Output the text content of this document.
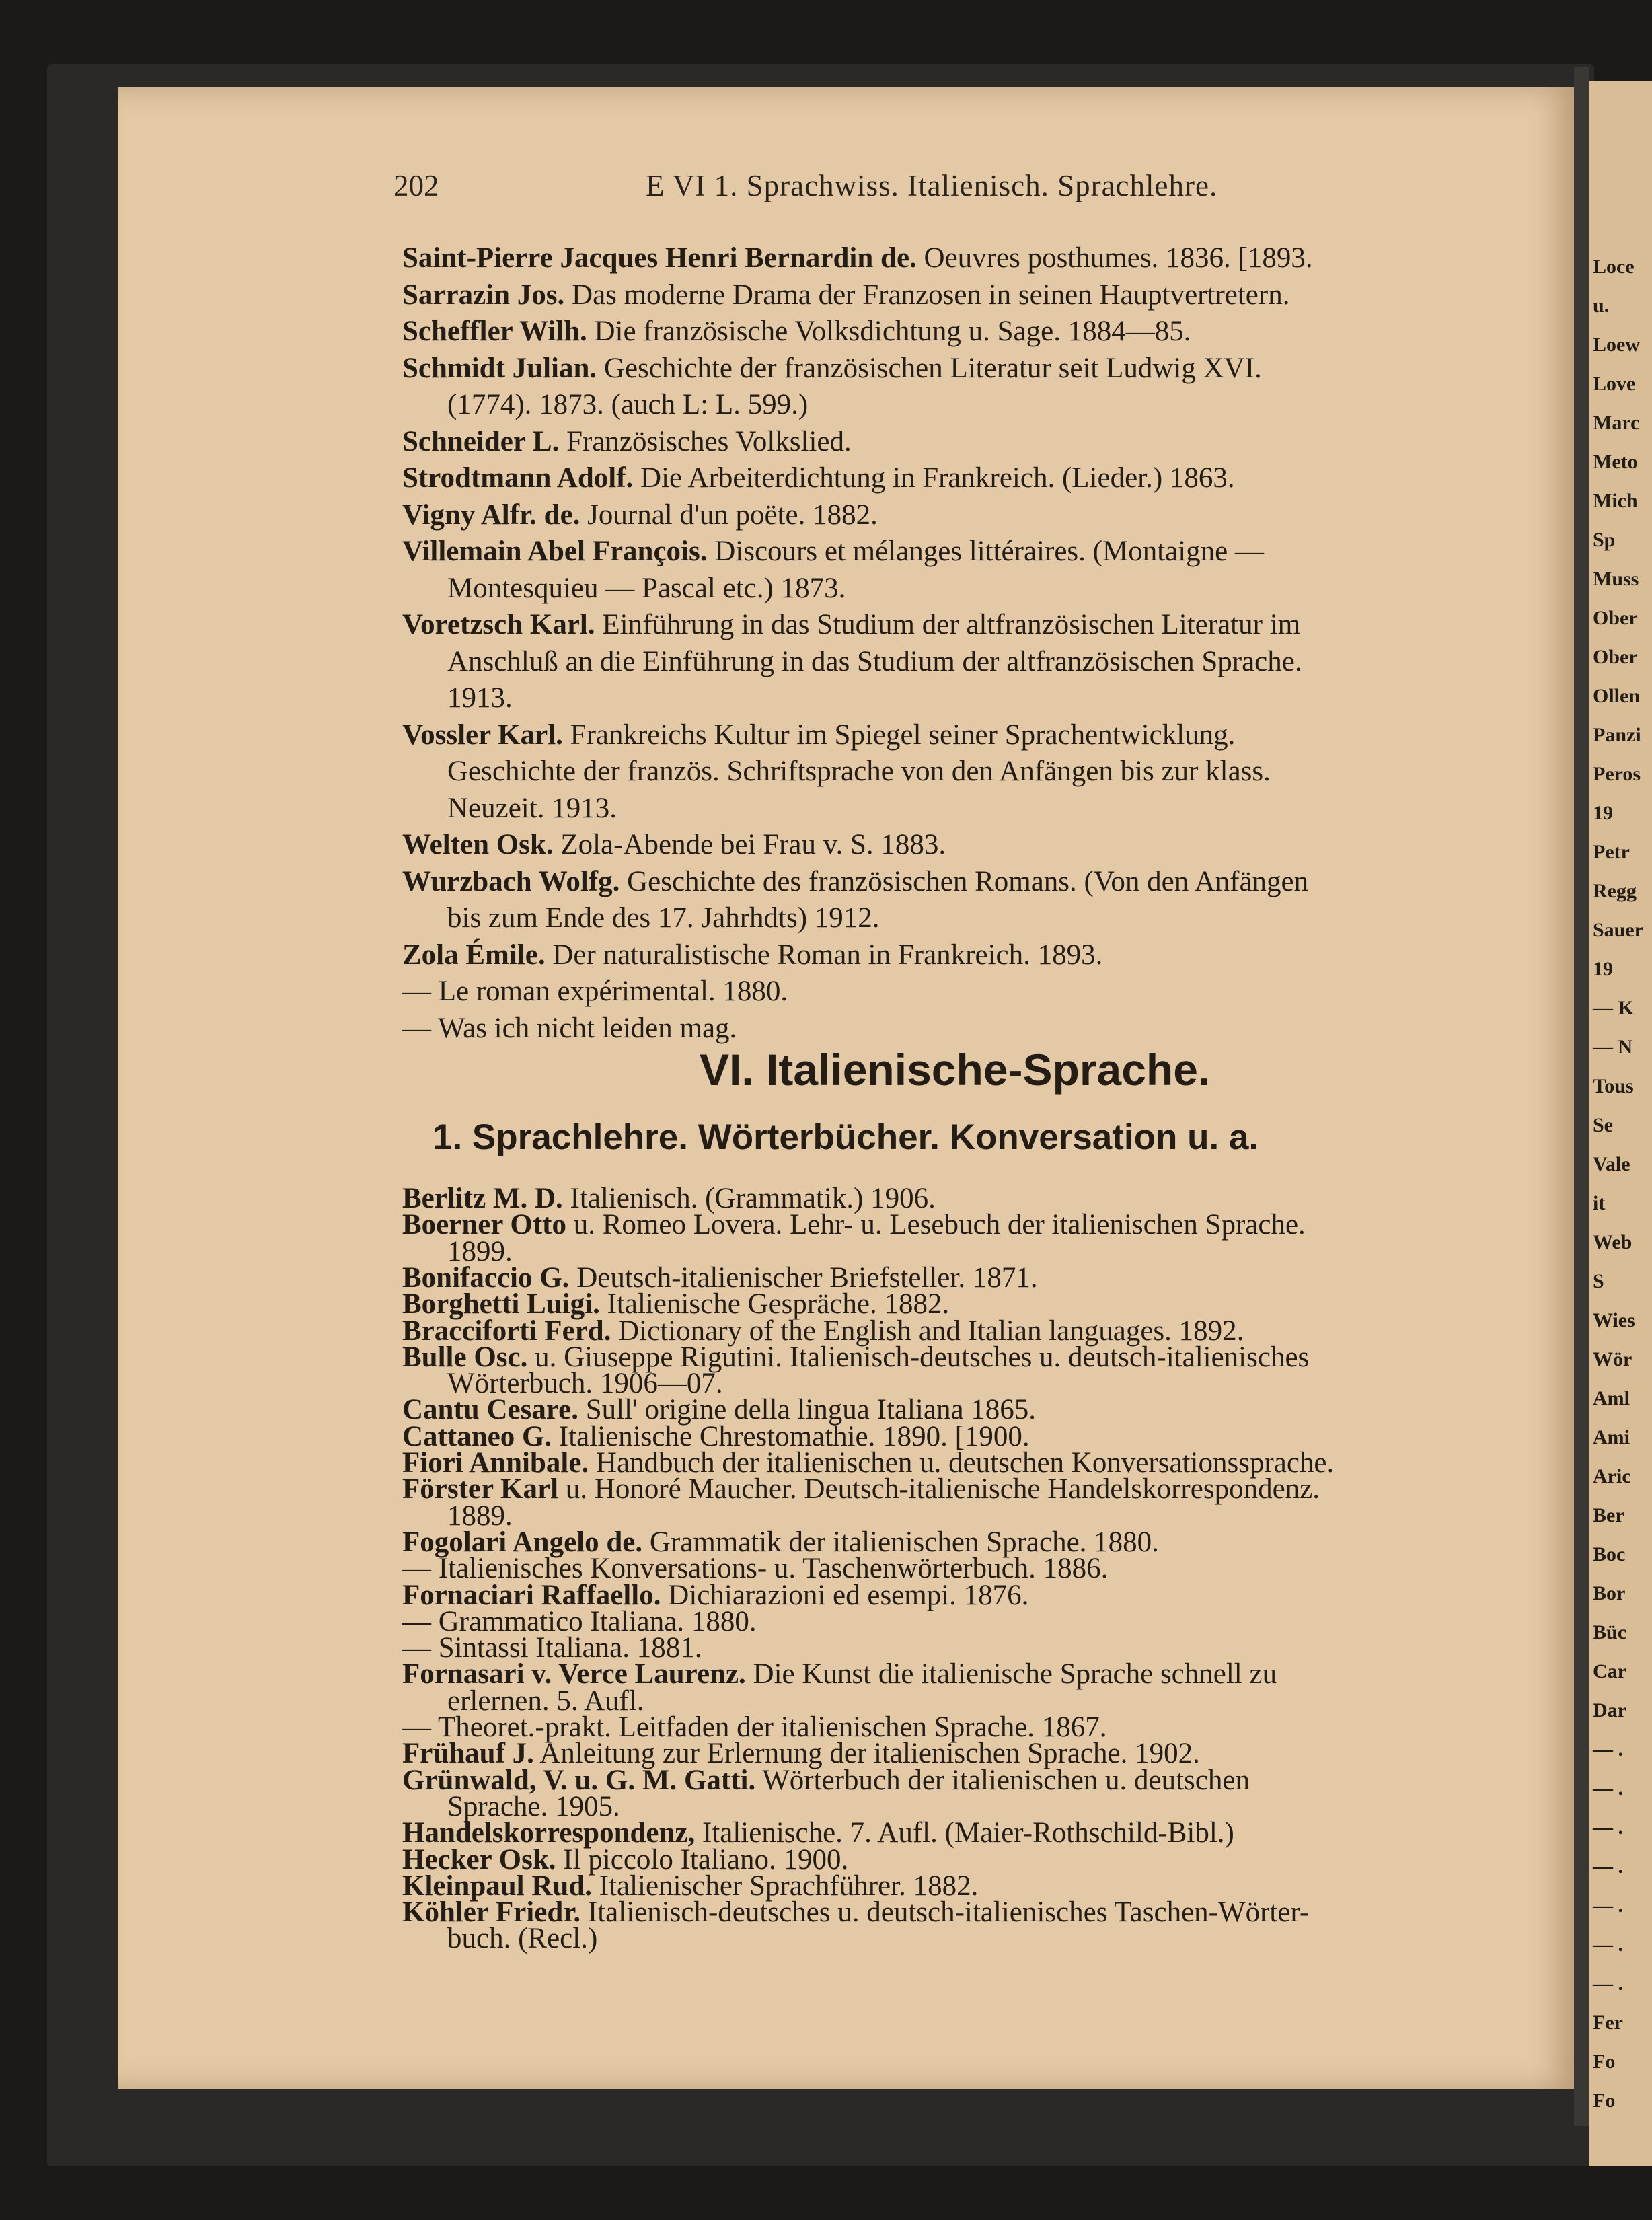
Loce
u.
Loew
Love
Marc
Meto
Mich
Sp
Muss
Ober
Ober
Ollen
Panzi
Peros
19
Petr
Regg
Sauer
19
— K
— N
Tous
Se
Vale
it
Web
S
Wies
Wör
Aml
Ami
Aric
Ber
Boc
Bor
Büc
Car
Dar
— .
— .
— .
— .
— .
— .
— .
Fer
Fo
Fo
202	E VI 1. Sprachwiss. Italienisch. Sprachlehre.
Saint-Pierre Jacques Henri Bernardin de. Oeuvres posthumes. 1836. [1893.
Sarrazin Jos. Das moderne Drama der Franzosen in seinen Hauptvertretern.
Scheffler Wilh. Die französische Volksdichtung u. Sage. 1884—85.
Schmidt Julian. Geschichte der französischen Literatur seit Ludwig XVI.
(1774). 1873. (auch L: L. 599.)
Schneider L. Französisches Volkslied.
Strodtmann Adolf. Die Arbeiterdichtung in Frankreich. (Lieder.) 1863.
Vigny Alfr. de. Journal d'un poëte. 1882.
Villemain Abel François. Discours et mélanges littéraires. (Montaigne —
Montesquieu — Pascal etc.) 1873.
Voretzsch Karl. Einführung in das Studium der altfranzösischen Literatur im
Anschluß an die Einführung in das Studium der altfranzösischen Sprache.
1913.
Vossler Karl. Frankreichs Kultur im Spiegel seiner Sprachentwicklung.
Geschichte der französ. Schriftsprache von den Anfängen bis zur klass.
Neuzeit. 1913.
Welten Osk. Zola-Abende bei Frau v. S. 1883.
Wurzbach Wolfg. Geschichte des französischen Romans. (Von den Anfängen
bis zum Ende des 17. Jahrhdts) 1912.
Zola Émile. Der naturalistische Roman in Frankreich. 1893.
— Le roman expérimental. 1880.
— Was ich nicht leiden mag.
VI. Italienische-Sprache.
1. Sprachlehre. Wörterbücher. Konversation u. a.
Berlitz M. D. Italienisch. (Grammatik.) 1906.
Boerner Otto u. Romeo Lovera. Lehr- u. Lesebuch der italienischen Sprache.
1899.
Bonifaccio G. Deutsch-italienischer Briefsteller. 1871.
Borghetti Luigi. Italienische Gespräche. 1882.
Bracciforti Ferd. Dictionary of the English and Italian languages. 1892.
Bulle Osc. u. Giuseppe Rigutini. Italienisch-deutsches u. deutsch-italienisches
Wörterbuch. 1906—07.
Cantu Cesare. Sull' origine della lingua Italiana 1865.
Cattaneo G. Italienische Chrestomathie. 1890. [1900.
Fiori Annibale. Handbuch der italienischen u. deutschen Konversationssprache.
Förster Karl u. Honoré Maucher. Deutsch-italienische Handelskorrespondenz.
1889.
Fogolari Angelo de. Grammatik der italienischen Sprache. 1880.
— Italienisches Konversations- u. Taschenwörterbuch. 1886.
Fornaciari Raffaello. Dichiarazioni ed esempi. 1876.
— Grammatico Italiana. 1880.
— Sintassi Italiana. 1881.
Fornasari v. Verce Laurenz. Die Kunst die italienische Sprache schnell zu
erlernen. 5. Aufl.
— Theoret.-prakt. Leitfaden der italienischen Sprache. 1867.
Frühauf J. Anleitung zur Erlernung der italienischen Sprache. 1902.
Grünwald, V. u. G. M. Gatti. Wörterbuch der italienischen u. deutschen
Sprache. 1905.
Handelskorrespondenz, Italienische. 7. Aufl. (Maier-Rothschild-Bibl.)
Hecker Osk. Il piccolo Italiano. 1900.
Kleinpaul Rud. Italienischer Sprachführer. 1882.
Köhler Friedr. Italienisch-deutsches u. deutsch-italienisches Taschen-Wörter-
buch. (Recl.)
